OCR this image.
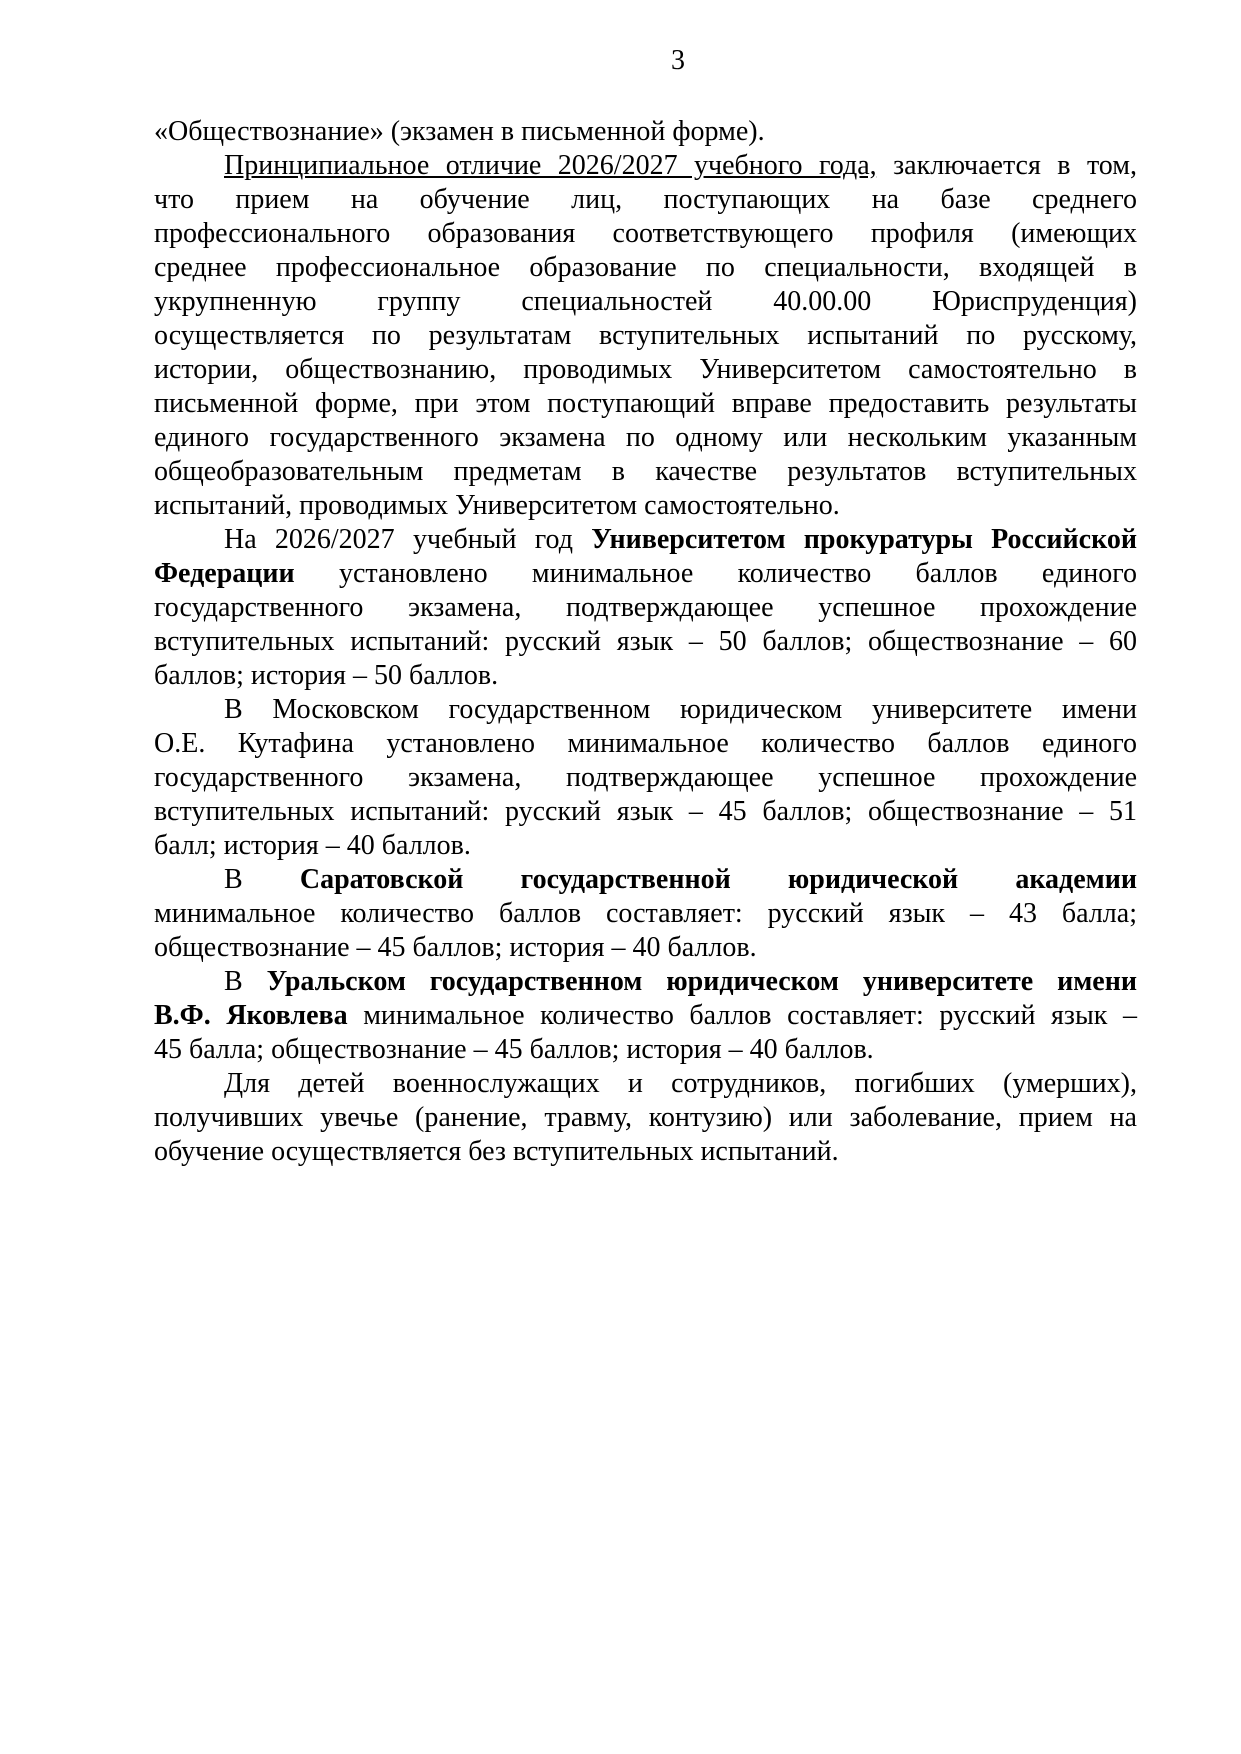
3
«Обществознание» (экзамен в письменной форме).
Принципиальное отличие 2026/2027 учебного года, заключается в том,
что прием на обучение лиц, поступающих на базе среднего
профессионального образования соответствующего профиля (имеющих
среднее профессиональное образование по специальности, входящей в
укрупненную группу специальностей 40.00.00 Юриспруденция)
осуществляется по результатам вступительных испытаний по русскому,
истории, обществознанию, проводимых Университетом самостоятельно в
письменной форме, при этом поступающий вправе предоставить результаты
единого государственного экзамена по одному или нескольким указанным
общеобразовательным предметам в качестве результатов вступительных
испытаний, проводимых Университетом самостоятельно.
На 2026/2027 учебный год Университетом прокуратуры Российской
Федерации установлено минимальное количество баллов единого
государственного экзамена, подтверждающее успешное прохождение
вступительных испытаний: русский язык – 50 баллов; обществознание – 60
баллов; история – 50 баллов.
В Московском государственном юридическом университете имени
О.Е. Кутафина установлено минимальное количество баллов единого
государственного экзамена, подтверждающее успешное прохождение
вступительных испытаний: русский язык – 45 баллов; обществознание – 51
балл; история – 40 баллов.
В Саратовской государственной юридической академии
минимальное количество баллов составляет: русский язык – 43 балла;
обществознание – 45 баллов; история – 40 баллов.
В Уральском государственном юридическом университете имени
В.Ф. Яковлева минимальное количество баллов составляет: русский язык –
45 балла; обществознание – 45 баллов; история – 40 баллов.
Для детей военнослужащих и сотрудников, погибших (умерших),
получивших увечье (ранение, травму, контузию) или заболевание, прием на
обучение осуществляется без вступительных испытаний.
